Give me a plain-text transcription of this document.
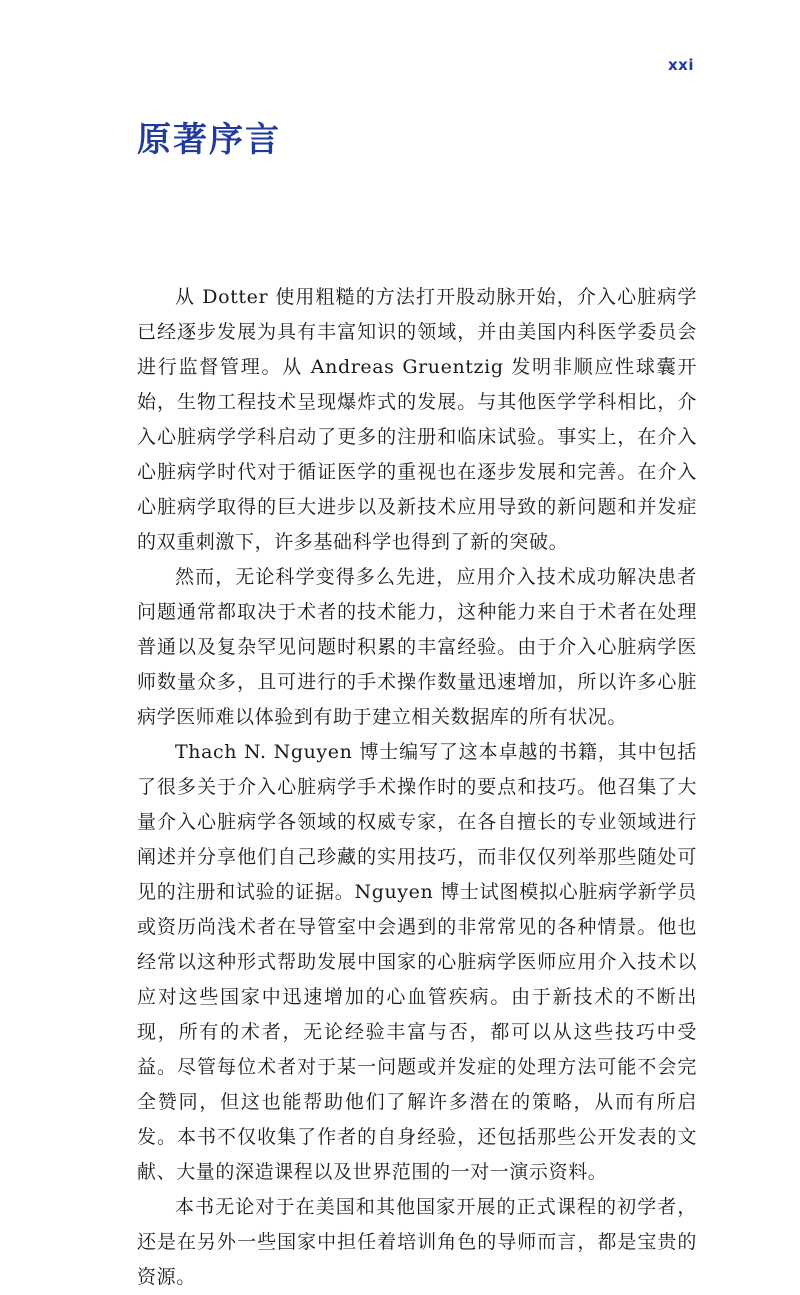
xxi
原著序言

从 Dotter 使用粗糙的方法打开股动脉开始，介入心脏病学已经逐步发展为具有丰富知识的领域，并由美国内科医学委员会进行监督管理。从 Andreas Gruentzig 发明非顺应性球囊开始，生物工程技术呈现爆炸式的发展。与其他医学学科相比，介入心脏病学学科启动了更多的注册和临床试验。事实上，在介入心脏病学时代对于循证医学的重视也在逐步发展和完善。在介入心脏病学取得的巨大进步以及新技术应用导致的新问题和并发症的双重刺激下，许多基础科学也得到了新的突破。

然而，无论科学变得多么先进，应用介入技术成功解决患者问题通常都取决于术者的技术能力，这种能力来自于术者在处理普通以及复杂罕见问题时积累的丰富经验。由于介入心脏病学医师数量众多，且可进行的手术操作数量迅速增加，所以许多心脏病学医师难以体验到有助于建立相关数据库的所有状况。

Thach N. Nguyen 博士编写了这本卓越的书籍，其中包括了很多关于介入心脏病学手术操作时的要点和技巧。他召集了大量介入心脏病学各领域的权威专家，在各自擅长的专业领域进行阐述并分享他们自己珍藏的实用技巧，而非仅仅列举那些随处可见的注册和试验的证据。Nguyen 博士试图模拟心脏病学新学员或资历尚浅术者在导管室中会遇到的非常常见的各种情景。他也经常以这种形式帮助发展中国家的心脏病学医师应用介入技术以应对这些国家中迅速增加的心血管疾病。由于新技术的不断出现，所有的术者，无论经验丰富与否，都可以从这些技巧中受益。尽管每位术者对于某一问题或并发症的处理方法可能不会完全赞同，但这也能帮助他们了解许多潜在的策略，从而有所启发。本书不仅收集了作者的自身经验，还包括那些公开发表的文献、大量的深造课程以及世界范围的一对一演示资料。

本书无论对于在美国和其他国家开展的正式课程的初学者，还是在另外一些国家中担任着培训角色的导师而言，都是宝贵的资源。
